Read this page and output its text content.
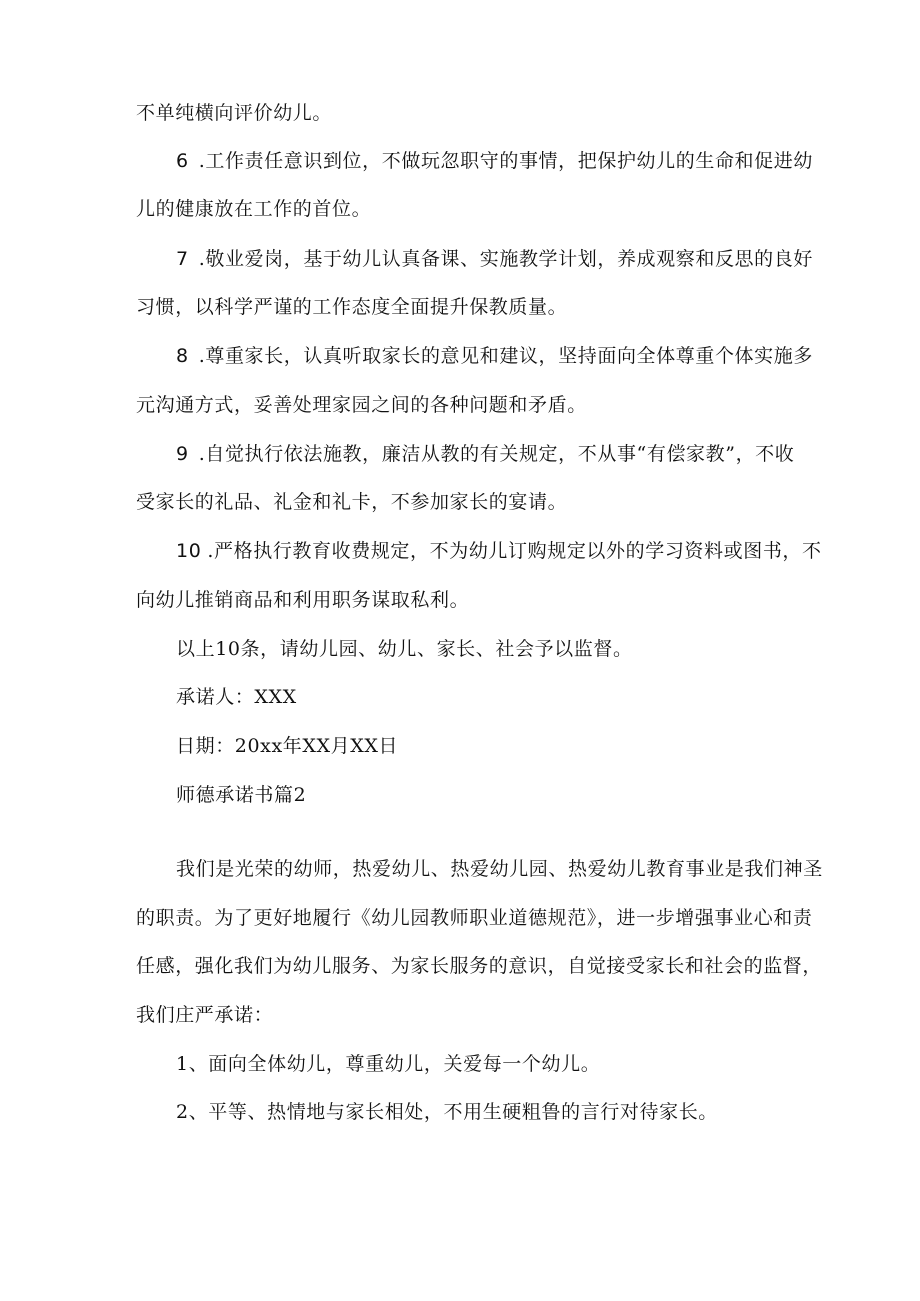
不单纯横向评价幼儿。
6 .工作责任意识到位，不做玩忽职守的事情，把保护幼儿的生命和促进幼
儿的健康放在工作的首位。
7 .敬业爱岗，基于幼儿认真备课、实施教学计划，养成观察和反思的良好
习惯，以科学严谨的工作态度全面提升保教质量。
8 .尊重家长，认真听取家长的意见和建议，坚持面向全体尊重个体实施多
元沟通方式，妥善处理家园之间的各种问题和矛盾。
9 .自觉执行依法施教，廉洁从教的有关规定，不从事“有偿家教”，不收
受家长的礼品、礼金和礼卡，不参加家长的宴请。
10 .严格执行教育收费规定，不为幼儿订购规定以外的学习资料或图书，不
向幼儿推销商品和利用职务谋取私利。
以上10条，请幼儿园、幼儿、家长、社会予以监督。
承诺人：XXX
日期：20xx年XX月XX日
师德承诺书篇2
我们是光荣的幼师，热爱幼儿、热爱幼儿园、热爱幼儿教育事业是我们神圣
的职责。为了更好地履行《幼儿园教师职业道德规范》，进一步增强事业心和责
任感，强化我们为幼儿服务、为家长服务的意识，自觉接受家长和社会的监督，
我们庄严承诺：
1、面向全体幼儿，尊重幼儿，关爱每一个幼儿。
2、平等、热情地与家长相处，不用生硬粗鲁的言行对待家长。
